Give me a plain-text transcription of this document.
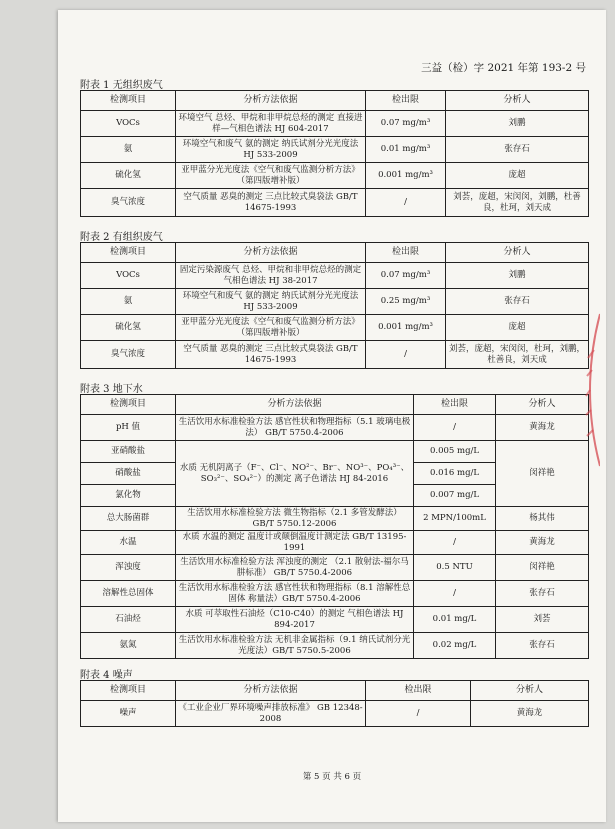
三益（检）字 2021 年第 193-2 号
附表 1 无组织废气
检测项目	分析方法依据	检出限	分析人
VOCs	环境空气 总烃、甲烷和非甲烷总烃的测定 直接进样—气相色谱法 HJ 604-2017	0.07 mg/m³	刘鹏
氨	环境空气和废气 氨的测定 纳氏试剂分光光度法 HJ 533-2009	0.01 mg/m³	张存石
硫化氢	亚甲蓝分光光度法《空气和废气监测分析方法》（第四版增补版）	0.001 mg/m³	庞超
臭气浓度	空气质量 恶臭的测定 三点比较式臭袋法 GB/T 14675-1993	/	刘荟，庞超，宋闵闵，刘鹏，杜善良，杜珂，刘天成
附表 2 有组织废气
检测项目	分析方法依据	检出限	分析人
VOCs	固定污染源废气 总烃、甲烷和非甲烷总烃的测定 气相色谱法 HJ 38-2017	0.07 mg/m³	刘鹏
氨	环境空气和废气 氨的测定 纳氏试剂分光光度法 HJ 533-2009	0.25 mg/m³	张存石
硫化氢	亚甲蓝分光光度法《空气和废气监测分析方法》（第四版增补版）	0.001 mg/m³	庞超
臭气浓度	空气质量 恶臭的测定 三点比较式臭袋法 GB/T 14675-1993	/	刘荟，庞超，宋闵闵，杜珂，刘鹏，杜善良，刘天成
附表 3 地下水
检测项目	分析方法依据	检出限	分析人
pH 值	生活饮用水标准检验方法 感官性状和物理指标（5.1 玻璃电极法） GB/T 5750.4-2006	/	黄海龙
亚硝酸盐	水质 无机阴离子（F⁻、Cl⁻、NO²⁻、Br⁻、NO³⁻、PO₄³⁻、SO₃²⁻、SO₄²⁻）的测定 离子色谱法 HJ 84-2016	0.005 mg/L	闵祥艳
硝酸盐		0.016 mg/L	
氯化物		0.007 mg/L	
总大肠菌群	生活饮用水标准检验方法 微生物指标（2.1 多管发酵法）GB/T 5750.12-2006	2 MPN/100mL	杨其伟
水温	水质 水温的测定 温度计或颠倒温度计测定法 GB/T 13195-1991	/	黄海龙
浑浊度	生活饮用水标准检验方法 浑浊度的测定 （2.1 散射法-福尔马肼标准） GB/T 5750.4-2006	0.5 NTU	闵祥艳
溶解性总固体	生活饮用水标准检验方法 感官性状和物理指标（8.1 溶解性总固体 称量法）GB/T 5750.4-2006	/	张存石
石油烃	水质 可萃取性石油烃（C10-C40）的测定 气相色谱法 HJ 894-2017	0.01 mg/L	刘荟
氨氮	生活饮用水标准检验方法 无机非金属指标（9.1 纳氏试剂分光光度法）GB/T 5750.5-2006	0.02 mg/L	张存石
附表 4 噪声
检测项目	分析方法依据	检出限	分析人
噪声	《工业企业厂界环境噪声排放标准》 GB 12348-2008	/	黄海龙
第 5 页 共 6 页
